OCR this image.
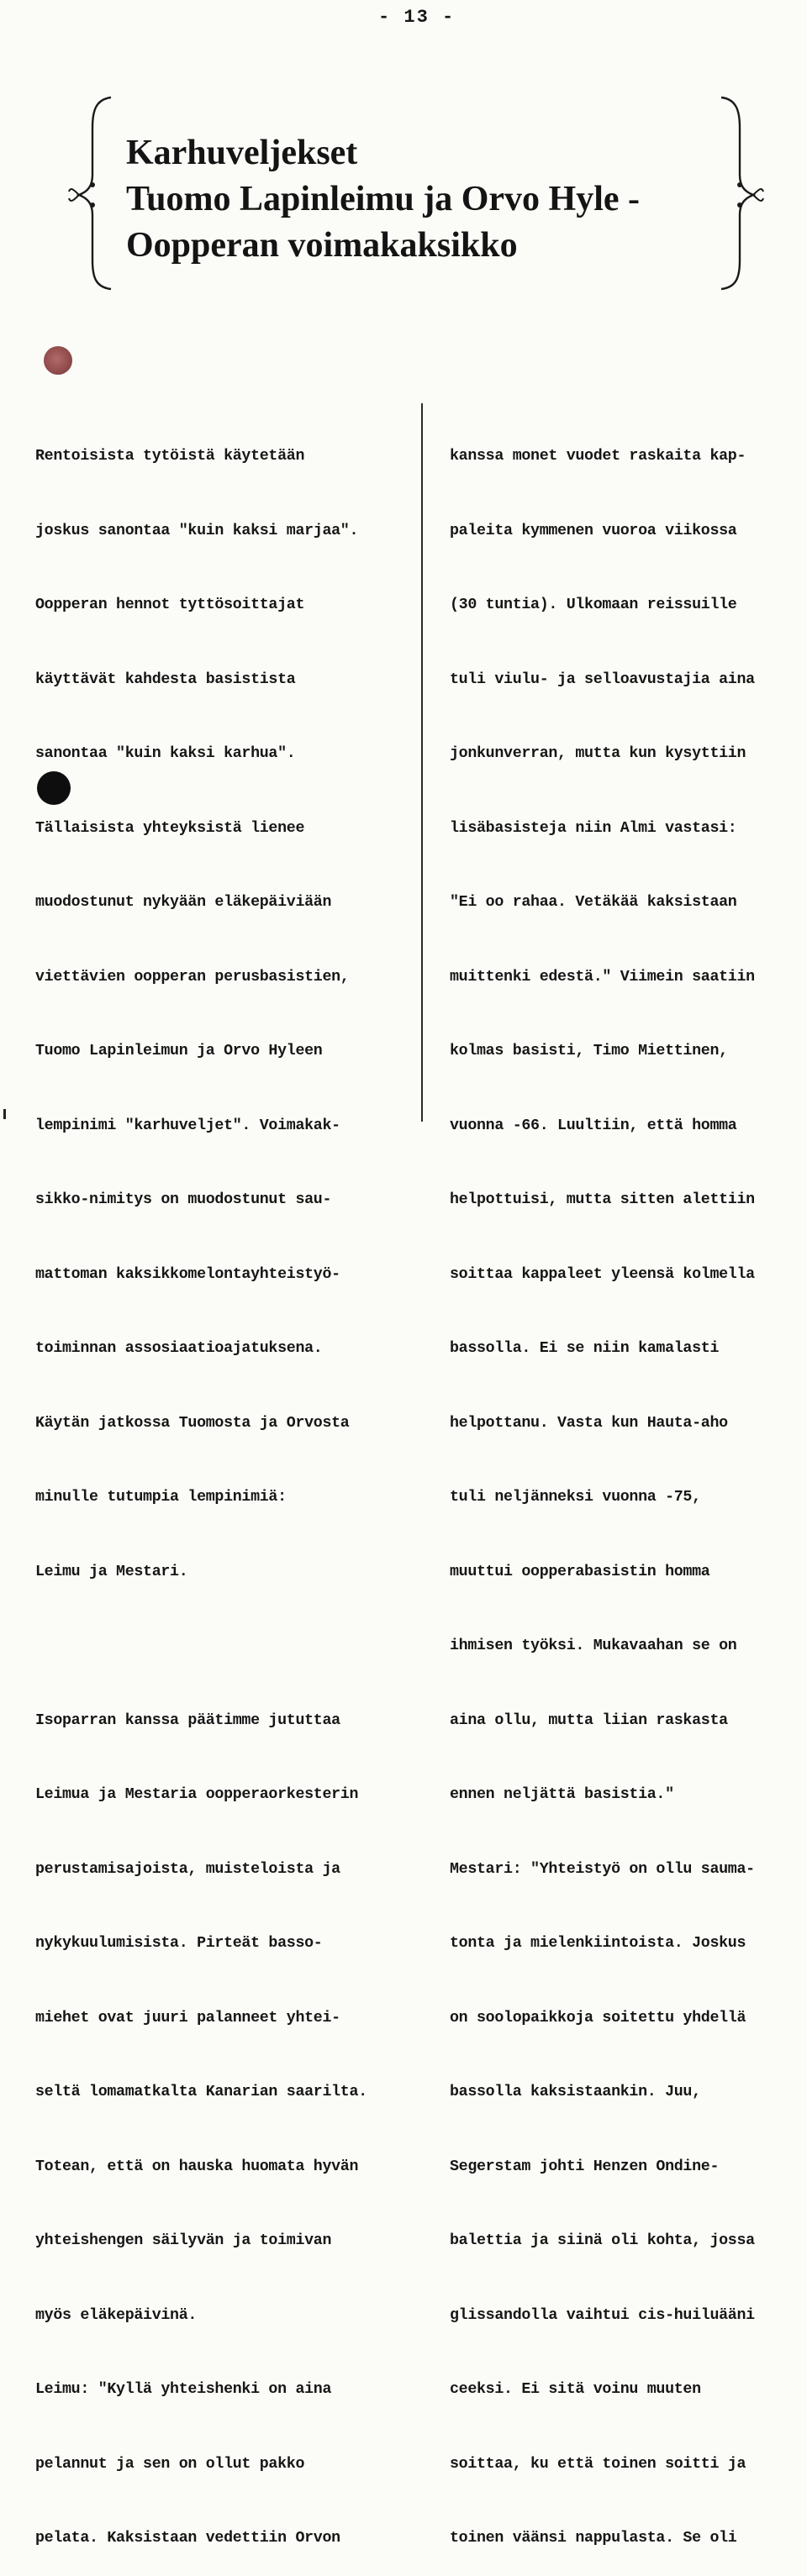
- 13 -
Karhuveljekset
Tuomo Lapinleimu ja Orvo Hyle -
Oopperan voimakaksikko

Rentoisista tytöistä käytetään

joskus sanontaa "kuin kaksi marjaa".

Oopperan hennot tyttösoittajat

käyttävät kahdesta basistista

sanontaa "kuin kaksi karhua".

Tällaisista yhteyksistä lienee

muodostunut nykyään eläkepäiviään

viettävien oopperan perusbasistien,

Tuomo Lapinleimun ja Orvo Hyleen

lempinimi "karhuveljet". Voimakak-

sikko-nimitys on muodostunut sau-

mattoman kaksikkomelontayhteistyö-

toiminnan assosiaatioajatuksena.

Käytän jatkossa Tuomosta ja Orvosta

minulle tutumpia lempinimiä:

Leimu ja Mestari.

Isoparran kanssa päätimme jututtaa

Leimua ja Mestaria oopperaorkesterin

perustamisajoista, muisteloista ja

nykykuulumisista. Pirteät basso-

miehet ovat juuri palanneet yhtei-

seltä lomamatkalta Kanarian saarilta.

Totean, että on hauska huomata hyvän

yhteishengen säilyvän ja toimivan

myös eläkepäivinä.

Leimu: "Kyllä yhteishenki on aina

pelannut ja sen on ollut pakko

pelata. Kaksistaan vedettiin Orvon

kanssa monet vuodet raskaita kap-

paleita kymmenen vuoroa viikossa

(30 tuntia). Ulkomaan reissuille

tuli viulu- ja selloavustajia aina

jonkunverran, mutta kun kysyttiin

lisäbasisteja niin Almi vastasi:

"Ei oo rahaa. Vetäkää kaksistaan

muittenki edestä." Viimein saatiin

kolmas basisti, Timo Miettinen,

vuonna -66. Luultiin, että homma

helpottuisi, mutta sitten alettiin

soittaa kappaleet yleensä kolmella

bassolla. Ei se niin kamalasti

helpottanu. Vasta kun Hauta-aho

tuli neljänneksi vuonna -75,

muuttui oopperabasistin homma

ihmisen työksi. Mukavaahan se on

aina ollu, mutta liian raskasta

ennen neljättä basistia."

Mestari: "Yhteistyö on ollu sauma-

tonta ja mielenkiintoista. Joskus

on soolopaikkoja soitettu yhdellä

bassolla kaksistaankin. Juu,

Segerstam johti Henzen Ondine-

balettia ja siinä oli kohta, jossa

glissandolla vaihtui cis-huiluääni

ceeksi. Ei sitä voinu muuten

soittaa, ku että toinen soitti ja

toinen väänsi nappulasta. Se oli
